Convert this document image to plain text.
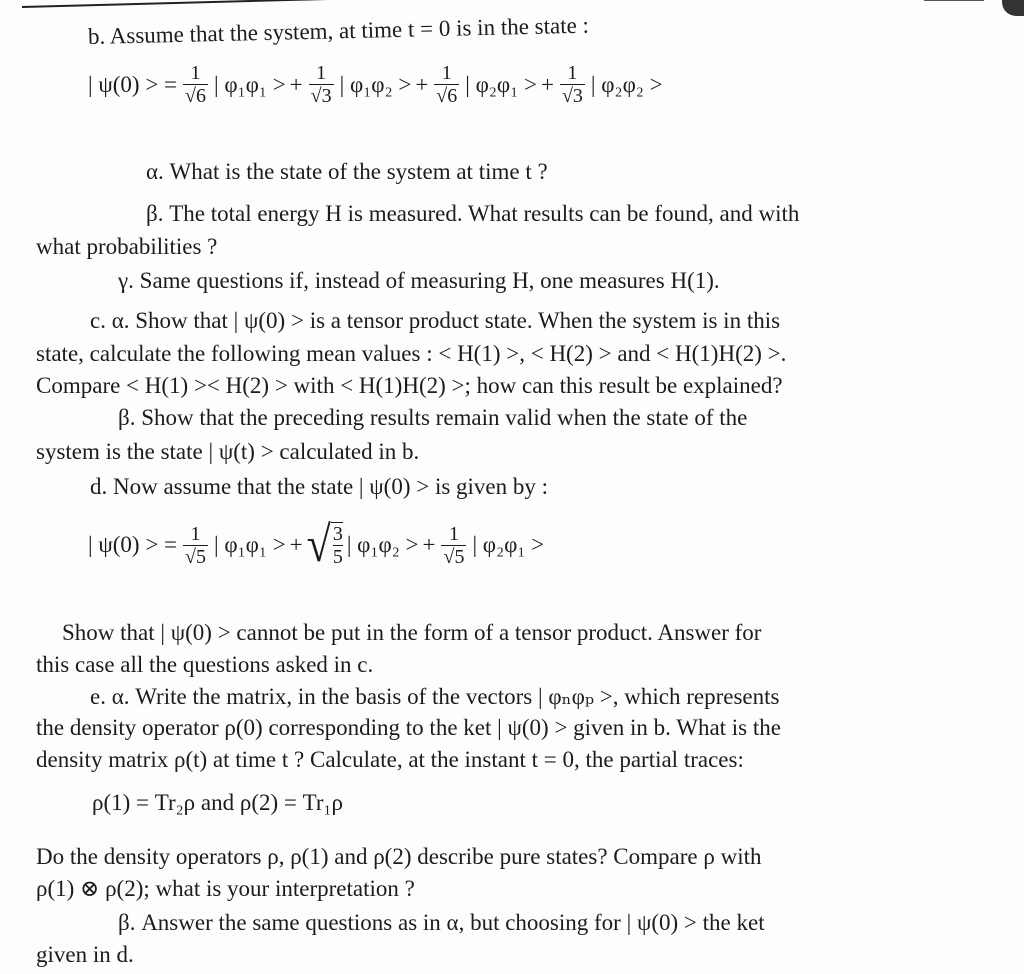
b. Assume that the system, at time t = 0 is in the state :
| ψ(0) > = $\frac{1}{√6}$ | φ₁φ₁ > + $\frac{1}{√3}$ | φ₁φ₂ > + $\frac{1}{√6}$ | φ₂φ₁ > + $\frac{1}{√3}$ | φ₂φ₂ >
α. What is the state of the system at time t ?
β. The total energy H is measured. What results can be found, and with
what probabilities ?
γ. Same questions if, instead of measuring H, one measures H(1).
c. α. Show that | ψ(0) > is a tensor product state. When the system is in this
state, calculate the following mean values : < H(1) >, < H(2) > and < H(1)H(2) >.
Compare < H(1) >< H(2) > with < H(1)H(2) >; how can this result be explained?
β. Show that the preceding results remain valid when the state of the
system is the state | ψ(t) > calculated in b.
d. Now assume that the state | ψ(0) > is given by :
| ψ(0) > = $\frac{1}{√5}$ | φ₁φ₁ > + √ 3
5 | φ₁φ₂ > + $\frac{1}{√5}$ | φ₂φ₁ >
Show that | ψ(0) > cannot be put in the form of a tensor product. Answer for
this case all the questions asked in c.
e. α. Write the matrix, in the basis of the vectors | φₙφₚ >, which represents
the density operator ρ(0) corresponding to the ket | ψ(0) > given in b. What is the
density matrix ρ(t) at time t ? Calculate, at the instant t = 0, the partial traces:
ρ(1) = Tr₂ρ and ρ(2) = Tr₁ρ
Do the density operators ρ, ρ(1) and ρ(2) describe pure states? Compare ρ with
ρ(1) ⊗ ρ(2); what is your interpretation ?
β. Answer the same questions as in α, but choosing for | ψ(0) > the ket
given in d.
